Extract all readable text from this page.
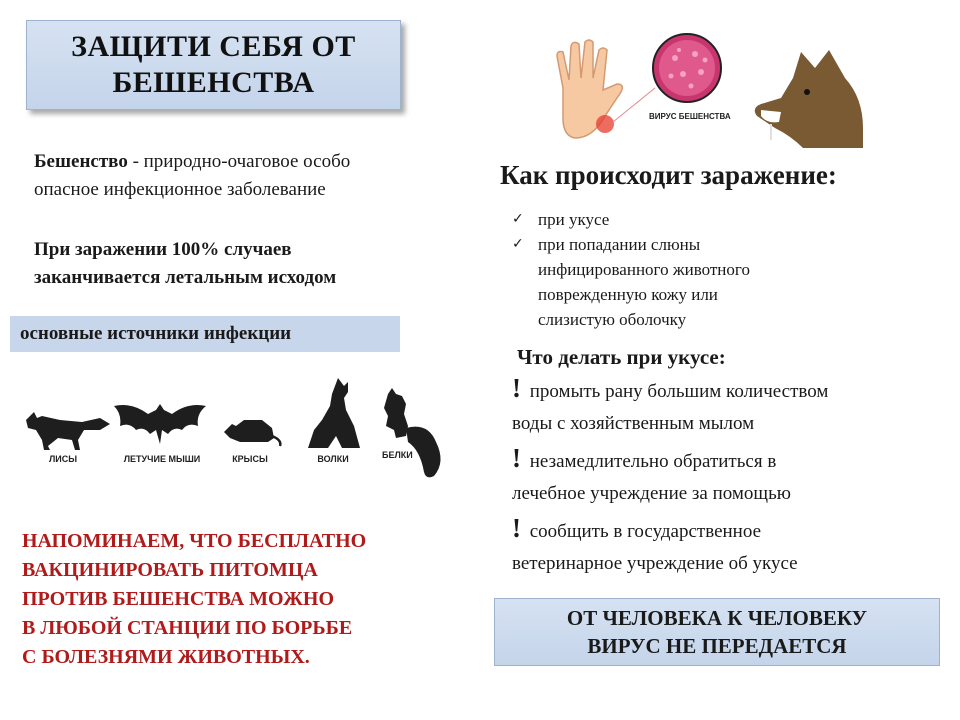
ЗАЩИТИ СЕБЯ ОТ
БЕШЕНСТВА
Бешенство - природно-очаговое особо
опасное инфекционное заболевание
При заражении 100% случаев
заканчивается летальным исходом
основные источники инфекции
ЛИСЫ	ЛЕТУЧИЕ МЫШИ	КРЫСЫ	ВОЛКИ	БЕЛКИ
НАПОМИНАЕМ, ЧТО БЕСПЛАТНО
ВАКЦИНИРОВАТЬ ПИТОМЦА
ПРОТИВ БЕШЕНСТВА МОЖНО
В ЛЮБОЙ СТАНЦИИ ПО БОРЬБЕ
С БОЛЕЗНЯМИ ЖИВОТНЫХ.
ВИРУС БЕШЕНСТВА
Как происходит заражение:
✓ при укусе
✓ при попадании слюны
инфицированного животного
поврежденную кожу или
слизистую оболочку
Что делать при укусе:
! промыть рану большим количеством
воды с хозяйственным мылом
! незамедлительно обратиться в
лечебное учреждение за помощью
! сообщить в государственное
ветеринарное учреждение об укусе
ОТ ЧЕЛОВЕКА К ЧЕЛОВЕКУ
ВИРУС НЕ ПЕРЕДАЕТСЯ
